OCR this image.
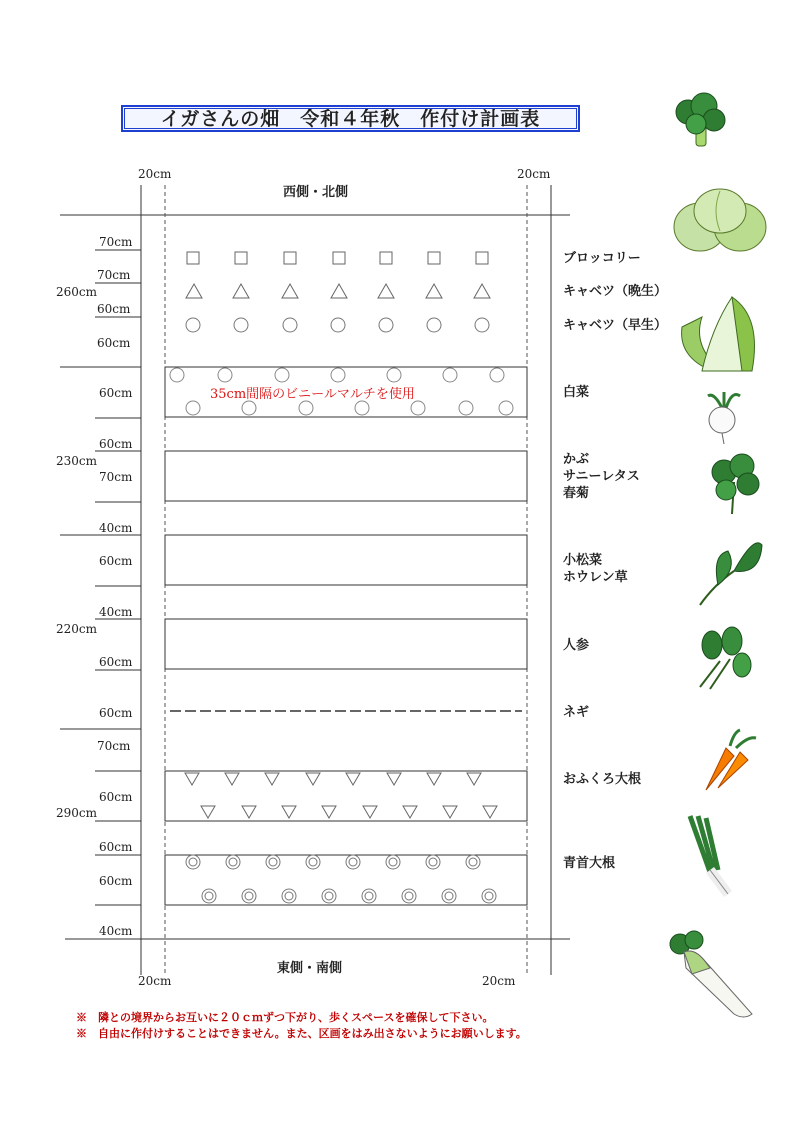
イガさんの畑　令和４年秋　作付け計画表
20cm	20cm
西側・北側
35cm間隔のビニールマルチを使用
70cm
70cm
260cm
60cm
60cm
60cm
60cm
230cm
70cm
40cm
60cm
40cm
220cm
60cm
60cm
70cm
60cm
290cm
60cm
60cm
40cm
20cm	20cm
東側・南側
ブロッコリー
キャベツ（晩生）
キャベツ（早生）
白菜
かぶ
サニーレタス
春菊
小松菜
ホウレン草
人参
ネギ
おふくろ大根
青首大根
※　隣との境界からお互いに２０ｃｍずつ下がり、歩くスペースを確保して下さい。
※　自由に作付けすることはできません。また、区画をはみ出さないようにお願いします。
